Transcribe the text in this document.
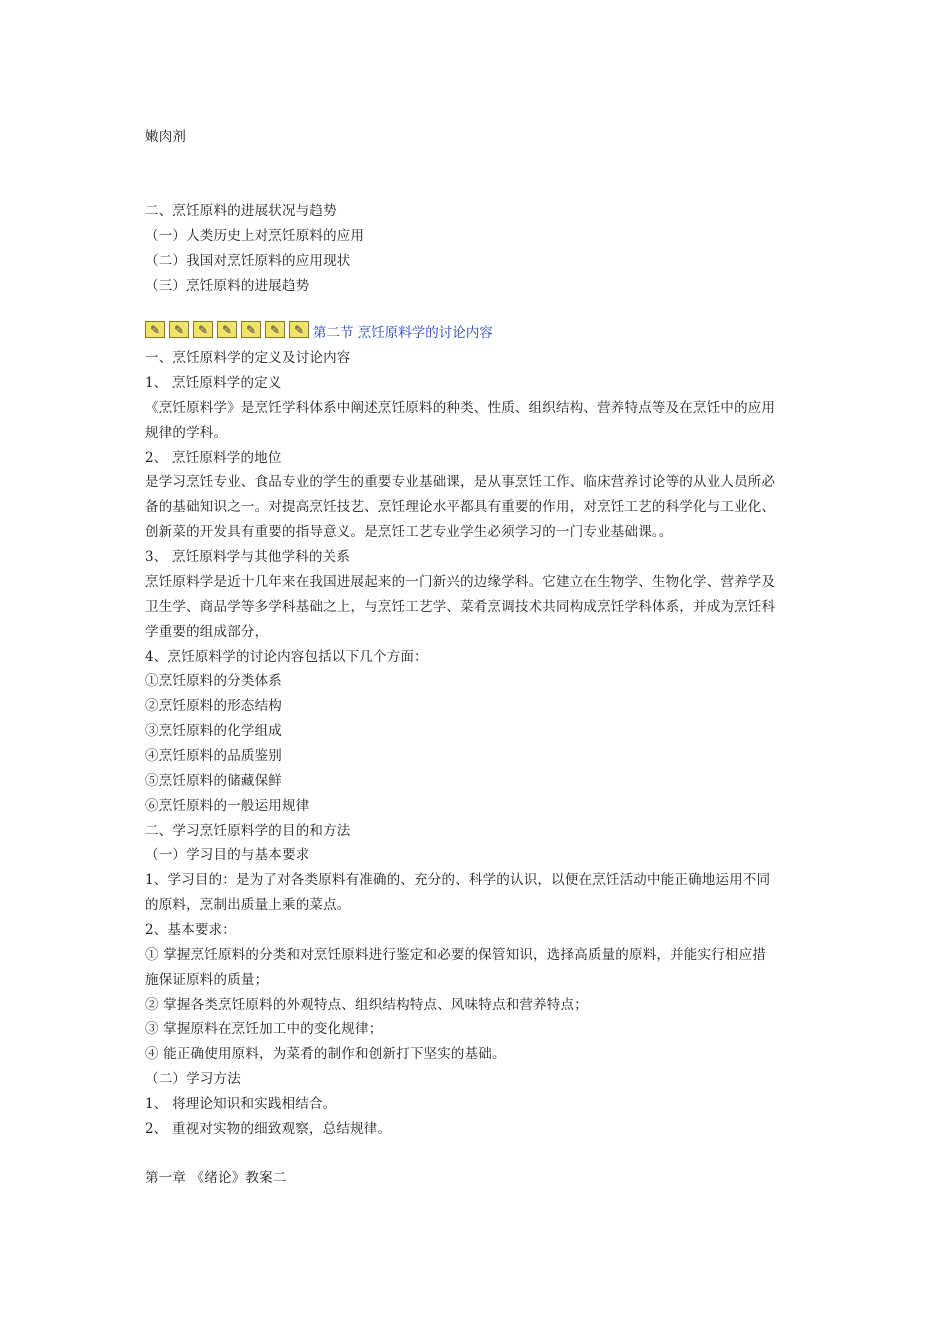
嫩肉剂
二、烹饪原料的进展状况与趋势
（一）人类历史上对烹饪原料的应用
（二）我国对烹饪原料的应用现状
（三）烹饪原料的进展趋势
✎	✎	✎	✎	✎	✎	✎ 第二节 烹饪原料学的讨论内容
一、烹饪原料学的定义及讨论内容
1、 烹饪原料学的定义
《烹饪原料学》是烹饪学科体系中阐述烹饪原料的种类、性质、组织结构、营养特点等及在烹饪中的应用
规律的学科。
2、 烹饪原料学的地位
是学习烹饪专业、食品专业的学生的重要专业基础课，是从事烹饪工作、临床营养讨论等的从业人员所必
备的基础知识之一。对提高烹饪技艺、烹饪理论水平都具有重要的作用，对烹饪工艺的科学化与工业化、
创新菜的开发具有重要的指导意义。是烹饪工艺专业学生必须学习的一门专业基础课。。
3、 烹饪原料学与其他学科的关系
烹饪原料学是近十几年来在我国进展起来的一门新兴的边缘学科。它建立在生物学、生物化学、营养学及
卫生学、商品学等多学科基础之上，与烹饪工艺学、菜肴烹调技术共同构成烹饪学科体系，并成为烹饪科
学重要的组成部分，
4、烹饪原料学的讨论内容包括以下几个方面：
①烹饪原料的分类体系
②烹饪原料的形态结构
③烹饪原料的化学组成
④烹饪原料的品质鉴别
⑤烹饪原料的储藏保鲜
⑥烹饪原料的一般运用规律
二、学习烹饪原料学的目的和方法
（一）学习目的与基本要求
1、学习目的：是为了对各类原料有准确的、充分的、科学的认识，以便在烹饪活动中能正确地运用不同
的原料，烹制出质量上乘的菜点。
2、基本要求：
① 掌握烹饪原料的分类和对烹饪原料进行鉴定和必要的保管知识，选择高质量的原料，并能实行相应措
施保证原料的质量；
② 掌握各类烹饪原料的外观特点、组织结构特点、风味特点和营养特点；
③ 掌握原料在烹饪加工中的变化规律；
④ 能正确使用原料，为菜肴的制作和创新打下坚实的基础。
（二）学习方法
1、 将理论知识和实践相结合。
2、 重视对实物的细致观察，总结规律。
第一章 《绪论》教案二
